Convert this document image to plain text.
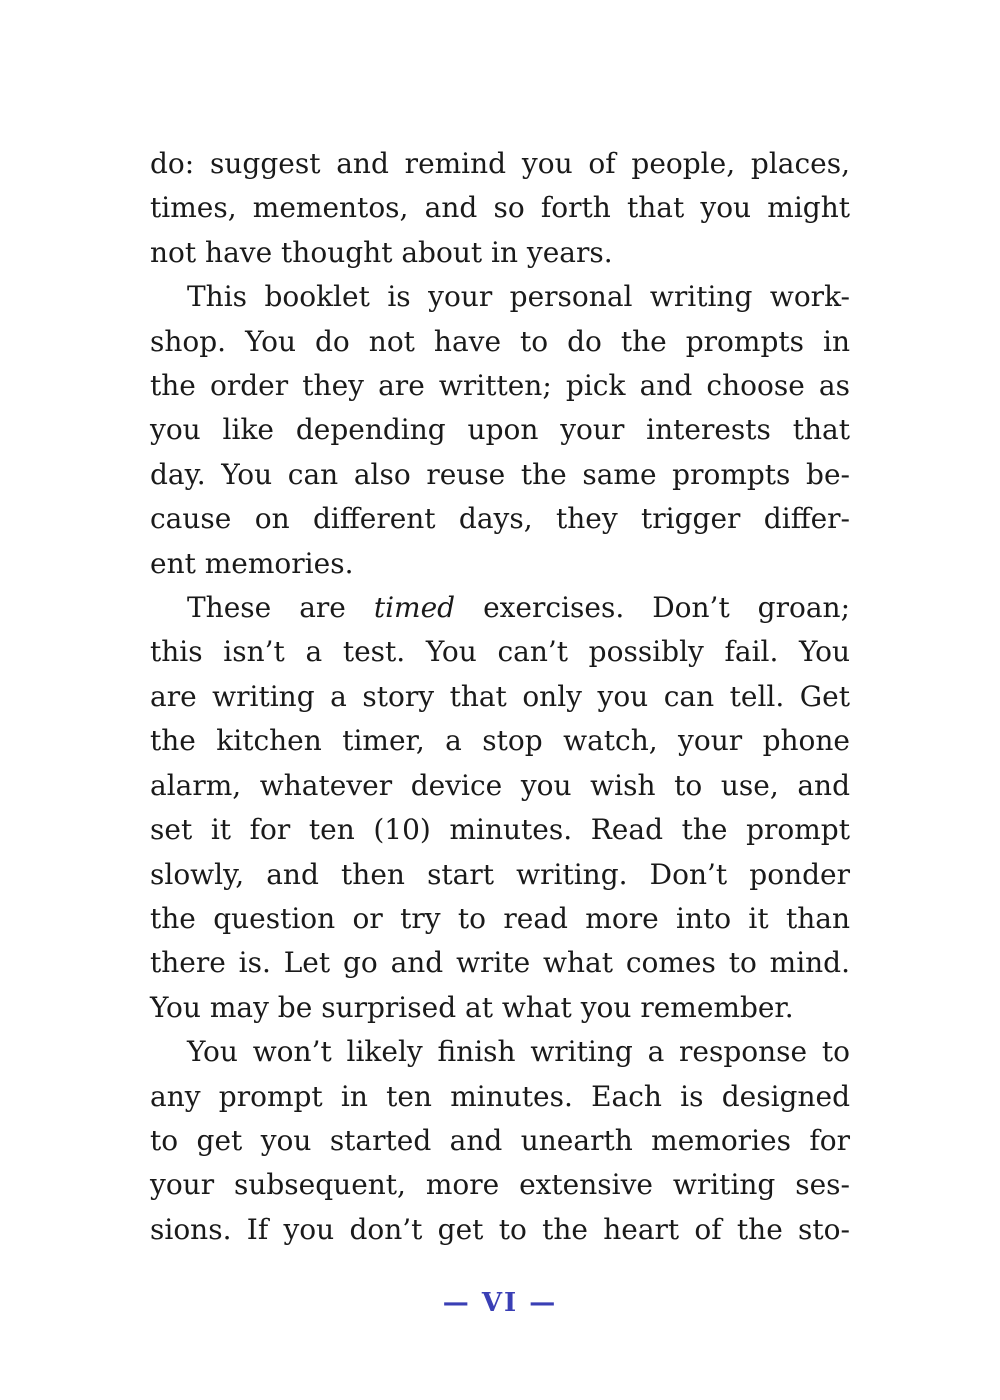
do: suggest and remind you of people, places,
times, mementos, and so forth that you might
not have thought about in years.

This booklet is your personal writing work-
shop. You do not have to do the prompts in
the order they are written; pick and choose as
you like depending upon your interests that
day. You can also reuse the same prompts be-
cause on different days, they trigger differ-
ent memories.

These are timed exercises. Don’t groan;
this isn’t a test. You can’t possibly fail. You
are writing a story that only you can tell. Get
the kitchen timer, a stop watch, your phone
alarm, whatever device you wish to use, and
set it for ten (10) minutes. Read the prompt
slowly, and then start writing. Don’t ponder
the question or try to read more into it than
there is. Let go and write what comes to mind.
You may be surprised at what you remember.

You won’t likely finish writing a response to
any prompt in ten minutes. Each is designed
to get you started and unearth memories for
your subsequent, more extensive writing ses-
sions. If you don’t get to the heart of the sto-

— VI —
